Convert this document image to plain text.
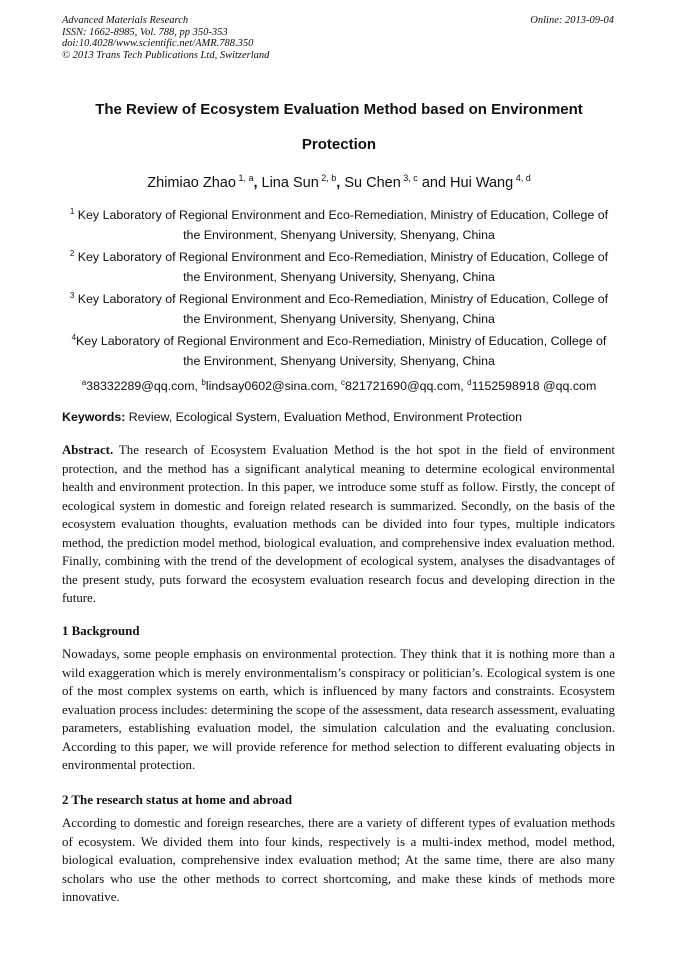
Advanced Materials Research
ISSN: 1662-8985, Vol. 788, pp 350-353
doi:10.4028/www.scientific.net/AMR.788.350
© 2013 Trans Tech Publications Ltd, Switzerland
Online: 2013-09-04
The Review of Ecosystem Evaluation Method based on Environment
Protection
Zhimiao Zhao $^{1, a}$, Lina Sun $^{2, b}$, Su Chen $^{3, c}$ and Hui Wang $^{4, d}$
$^1$ Key Laboratory of Regional Environment and Eco-Remediation, Ministry of Education, College of
the Environment, Shenyang University, Shenyang, China
$^2$ Key Laboratory of Regional Environment and Eco-Remediation, Ministry of Education, College of
the Environment, Shenyang University, Shenyang, China
$^3$ Key Laboratory of Regional Environment and Eco-Remediation, Ministry of Education, College of
the Environment, Shenyang University, Shenyang, China
$^4$Key Laboratory of Regional Environment and Eco-Remediation, Ministry of Education, College of
the Environment, Shenyang University, Shenyang, China
$^a$38332289@qq.com, $^b$lindsay0602@sina.com, $^c$821721690@qq.com, $^d$1152598918 @qq.com
Keywords: Review, Ecological System, Evaluation Method, Environment Protection
Abstract. The research of Ecosystem Evaluation Method is the hot spot in the field of environment protection, and the method has a significant analytical meaning to determine ecological environmental health and environment protection. In this paper, we introduce some stuff as follow. Firstly, the concept of ecological system in domestic and foreign related research is summarized. Secondly, on the basis of the ecosystem evaluation thoughts, evaluation methods can be divided into four types, multiple indicators method, the prediction model method, biological evaluation, and comprehensive index evaluation method. Finally, combining with the trend of the development of ecological system, analyses the disadvantages of the present study, puts forward the ecosystem evaluation research focus and developing direction in the future.
1 Background
Nowadays, some people emphasis on environmental protection. They think that it is nothing more than a wild exaggeration which is merely environmentalism’s conspiracy or politician’s. Ecological system is one of the most complex systems on earth, which is influenced by many factors and constraints. Ecosystem evaluation process includes: determining the scope of the assessment, data research assessment, evaluating parameters, establishing evaluation model, the simulation calculation and the evaluating conclusion. According to this paper, we will provide reference for method selection to different evaluating objects in environmental protection.
2 The research status at home and abroad
According to domestic and foreign researches, there are a variety of different types of evaluation methods of ecosystem. We divided them into four kinds, respectively is a multi-index method, model method, biological evaluation, comprehensive index evaluation method; At the same time, there are also many scholars who use the other methods to correct shortcoming, and make these kinds of methods more innovative.
